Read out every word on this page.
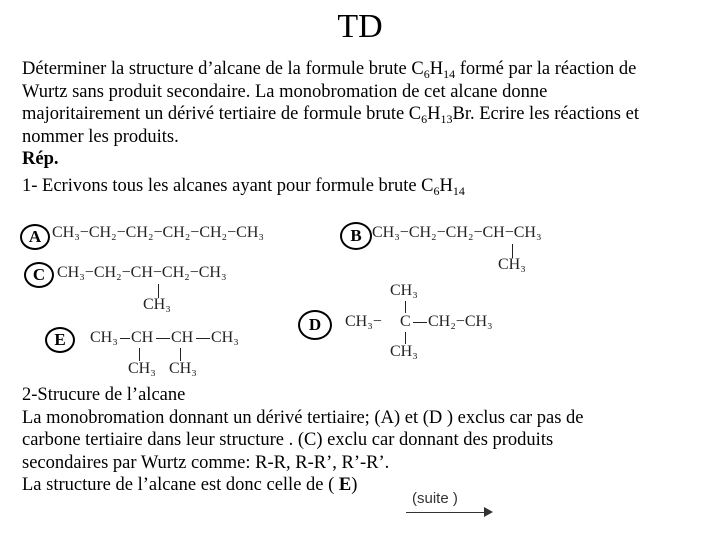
TD
Déterminer la structure d’alcane de la formule brute $C_6H_{14}$ formé par la réaction de
Wurtz sans produit secondaire. La monobromation de cet alcane donne
majoritairement un dérivé tertiaire de formule brute $C_6H_{13}Br$. Ecrire les réactions et
nommer les produits.
Rép.
1- Ecrivons tous les alcanes ayant pour formule brute $C_6H_{14}$
A CH₃−CH₂−CH₂−CH₂−CH₂−CH₃	B CH₃−CH₂−CH₂−CH−CH₃
CH₃
C CH₃−CH₂−CH−CH₂−CH₃
CH₃
D
CH₃
CH₃− C CH₂−CH₃
CH₃
E	CH₃ CH CH CH₃
CH₃ CH₃
2-Strucure de l’alcane
La monobromation donnant un dérivé tertiaire; (A) et (D ) exclus car pas de
carbone tertiaire dans leur structure . (C) exclu car donnant des produits
secondaires par Wurtz comme: R-R, R-R’, R’-R’.
La structure de l’alcane est donc celle de ( E)
(suite )
